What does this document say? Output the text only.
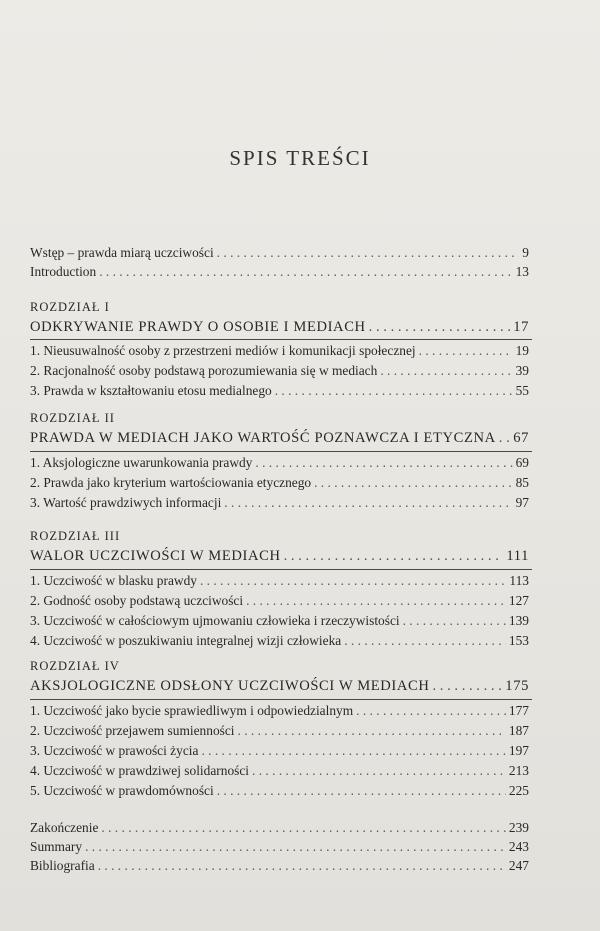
SPIS TREŚCI
Wstęp – prawda miarą uczciwości . . .	9
Introduction . . .	13
ROZDZIAŁ I
ODKRYWANIE PRAWDY O OSOBIE I MEDIACH . . .	17
1. Nieusuwalność osoby z przestrzeni mediów i komunikacji społecznej . . .	19
2. Racjonalność osoby podstawą porozumiewania się w mediach . . .	39
3. Prawda w kształtowaniu etosu medialnego . . .	55
ROZDZIAŁ II
PRAWDA W MEDIACH JAKO WARTOŚĆ POZNAWCZA I ETYCZNA . . . 67
1. Aksjologiczne uwarunkowania prawdy . . .	69
2. Prawda jako kryterium wartościowania etycznego . . .	85
3. Wartość prawdziwych informacji . . .	97
ROZDZIAŁ III
WALOR UCZCIWOŚCI W MEDIACH . . .	111
1. Uczciwość w blasku prawdy . . .	113
2. Godność osoby podstawą uczciwości . . .	127
3. Uczciwość w całościowym ujmowaniu człowieka i rzeczywistości . . .	139
4. Uczciwość w poszukiwaniu integralnej wizji człowieka . . .	153
ROZDZIAŁ IV
AKSJOLOGICZNE ODSŁONY UCZCIWOŚCI W MEDIACH . . .	175
1. Uczciwość jako bycie sprawiedliwym i odpowiedzialnym . . .	177
2. Uczciwość przejawem sumienności . . .	187
3. Uczciwość w prawości życia . . .	197
4. Uczciwość w prawdziwej solidarności . . .	213
5. Uczciwość w prawdomówności . . .	225
Zakończenie . . .	239
Summary . . .	243
Bibliografia . . .	247
